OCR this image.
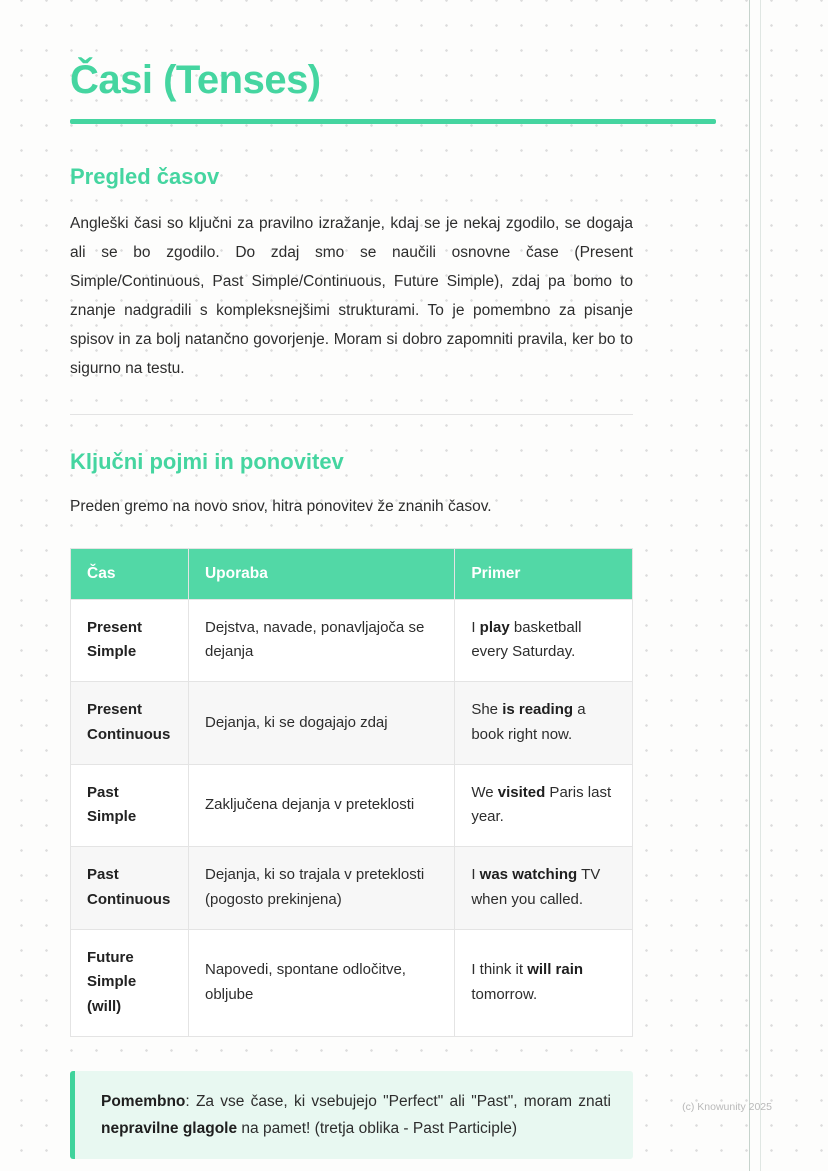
Časi (Tenses)
Pregled časov

Angleški časi so ključni za pravilno izražanje, kdaj se je nekaj zgodilo, se dogaja ali se bo zgodilo. Do zdaj smo se naučili osnovne čase (Present Simple/Continuous, Past Simple/Continuous, Future Simple), zdaj pa bomo to znanje nadgradili s kompleksnejšimi strukturami. To je pomembno za pisanje spisov in za bolj natančno govorjenje. Moram si dobro zapomniti pravila, ker bo to sigurno na testu.

Ključni pojmi in ponovitev

Preden gremo na novo snov, hitra ponovitev že znanih časov.

Čas	Uporaba	Primer
Present Simple	Dejstva, navade, ponavljajoča se dejanja	I play basketball every Saturday.
Present Continuous	Dejanja, ki se dogajajo zdaj	She is reading a book right now.
Past Simple	Zaključena dejanja v preteklosti	We visited Paris last year.
Past Continuous	Dejanja, ki so trajala v preteklosti (pogosto prekinjena)	I was watching TV when you called.
Future Simple (will)	Napovedi, spontane odločitve, obljube	I think it will rain tomorrow.

Pomembno: Za vse čase, ki vsebujejo "Perfect" ali "Past", moram znati nepravilne glagole na pamet! (tretja oblika - Past Participle)

(c) Knowunity 2025
